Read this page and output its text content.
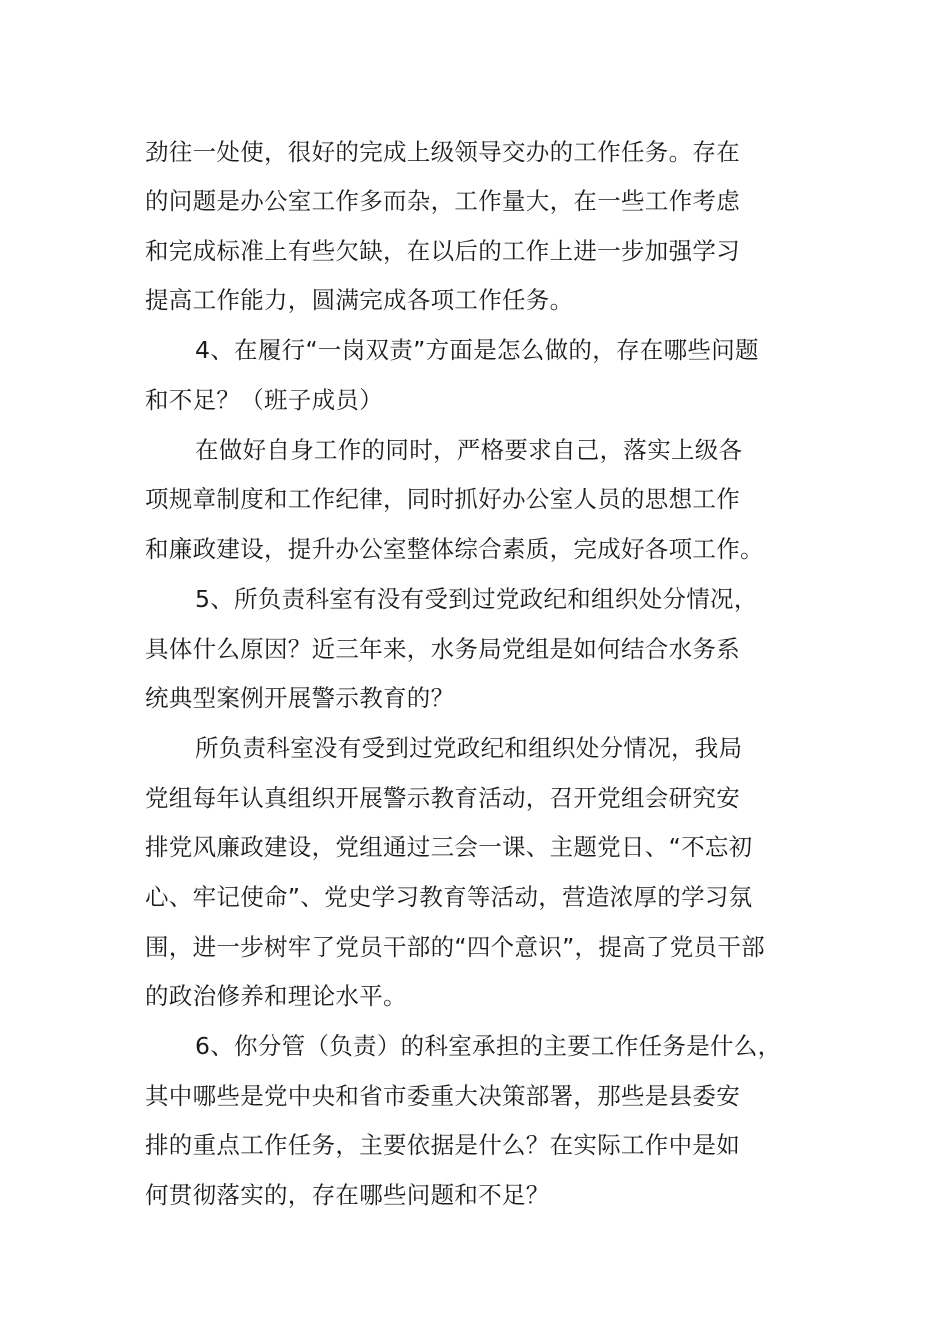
劲往一处使，很好的完成上级领导交办的工作任务。存在
的问题是办公室工作多而杂，工作量大，在一些工作考虑
和完成标准上有些欠缺，在以后的工作上进一步加强学习
提高工作能力，圆满完成各项工作任务。
4、在履行“一岗双责”方面是怎么做的，存在哪些问题
和不足？（班子成员）
在做好自身工作的同时，严格要求自己，落实上级各
项规章制度和工作纪律，同时抓好办公室人员的思想工作
和廉政建设，提升办公室整体综合素质，完成好各项工作。
5、所负责科室有没有受到过党政纪和组织处分情况，
具体什么原因？近三年来，水务局党组是如何结合水务系
统典型案例开展警示教育的？
所负责科室没有受到过党政纪和组织处分情况，我局
党组每年认真组织开展警示教育活动，召开党组会研究安
排党风廉政建设，党组通过三会一课、主题党日、“不忘初
心、牢记使命”、党史学习教育等活动，营造浓厚的学习氛
围，进一步树牢了党员干部的“四个意识”，提高了党员干部
的政治修养和理论水平。
6、你分管（负责）的科室承担的主要工作任务是什么，
其中哪些是党中央和省市委重大决策部署，那些是县委安
排的重点工作任务，主要依据是什么？在实际工作中是如
何贯彻落实的，存在哪些问题和不足？
